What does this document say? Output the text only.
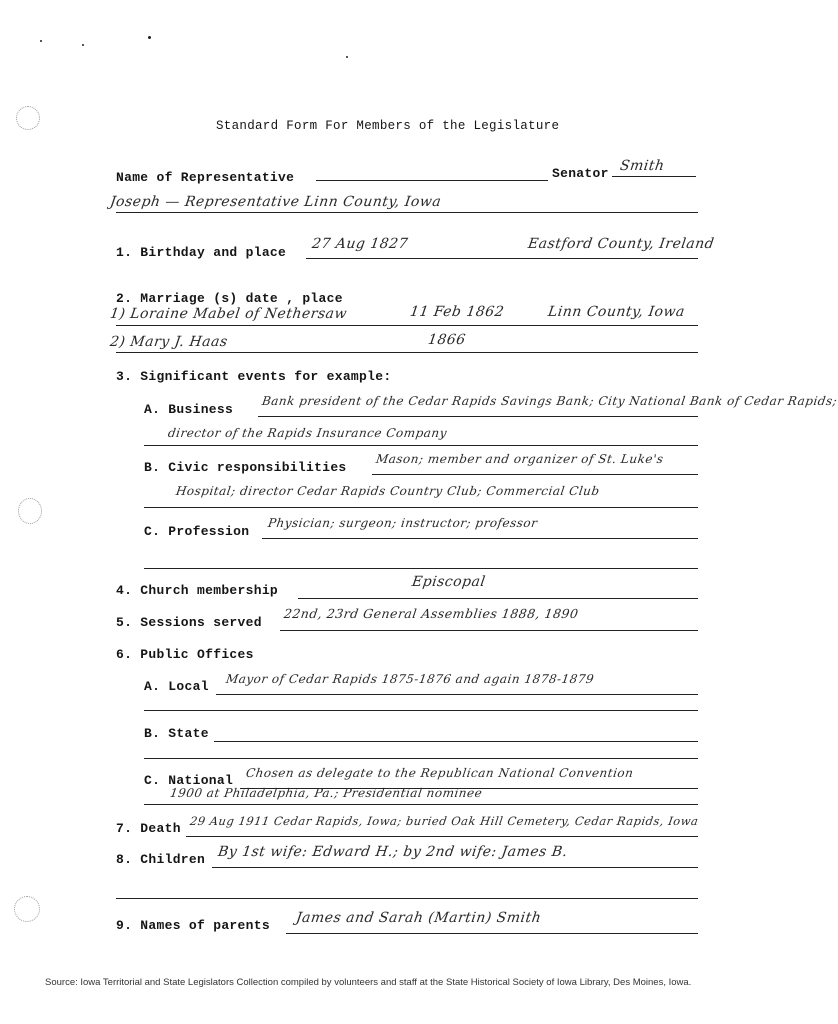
Standard Form For Members of the Legislature
Name of Representative	Senator Smith
Joseph — Representative Linn County, Iowa
1. Birthday and place
27 Aug 1827	Eastford County, Ireland
2. Marriage (s) date , place
1) Loraine Mabel of Nethersaw	11 Feb 1862	Linn County, Iowa
2) Mary J. Haas	1866
3. Significant events for example:
A. Business
Bank president of the Cedar Rapids Savings Bank; City National Bank of Cedar Rapids;
director of the Rapids Insurance Company
B. Civic responsibilities
Mason; member and organizer of St. Luke's
Hospital; director Cedar Rapids Country Club; Commercial Club
C. Profession
Physician; surgeon; instructor; professor
4. Church membership
Episcopal
5. Sessions served
22nd, 23rd General Assemblies 1888, 1890
6. Public Offices
A. Local Mayor of Cedar Rapids 1875-1876 and again 1878-1879
B. State
C. National Chosen as delegate to the Republican National Convention
1900 at Philadelphia, Pa.; Presidential nominee
7. Death 29 Aug 1911 Cedar Rapids, Iowa; buried Oak Hill Cemetery, Cedar Rapids, Iowa
8. Children By 1st wife: Edward H.; by 2nd wife: James B.
9. Names of parents James and Sarah (Martin) Smith
Source: Iowa Territorial and State Legislators Collection compiled by volunteers and staff at the State Historical Society of Iowa Library, Des Moines, Iowa.
